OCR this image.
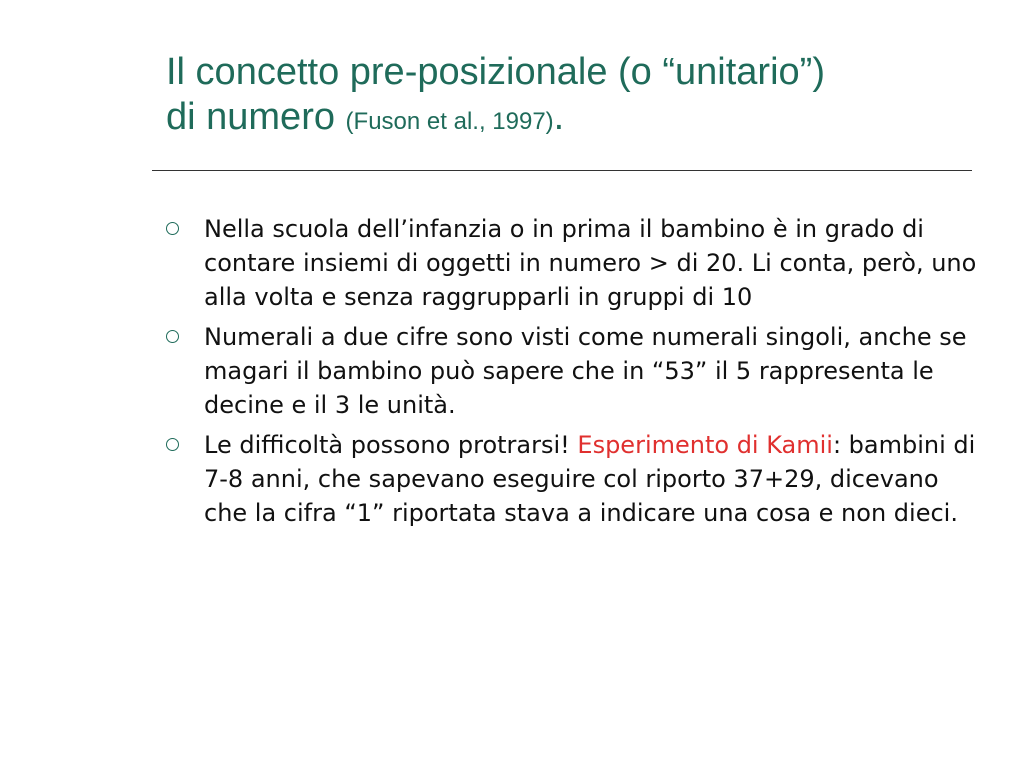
Il concetto pre-posizionale (o “unitario”)
di numero (Fuson et al., 1997).
Nella scuola dell’infanzia o in prima il bambino è in grado di contare insiemi di oggetti in numero > di 20. Li conta, però, uno alla volta e senza raggrupparli in gruppi di 10
Numerali a due cifre sono visti come numerali singoli, anche se magari il bambino può sapere che in “53” il 5 rappresenta le decine e il 3 le unità.
Le difficoltà possono protrarsi! Esperimento di Kamii: bambini di 7-8 anni, che sapevano eseguire col riporto 37+29, dicevano che la cifra “1” riportata stava a indicare una cosa e non dieci.
